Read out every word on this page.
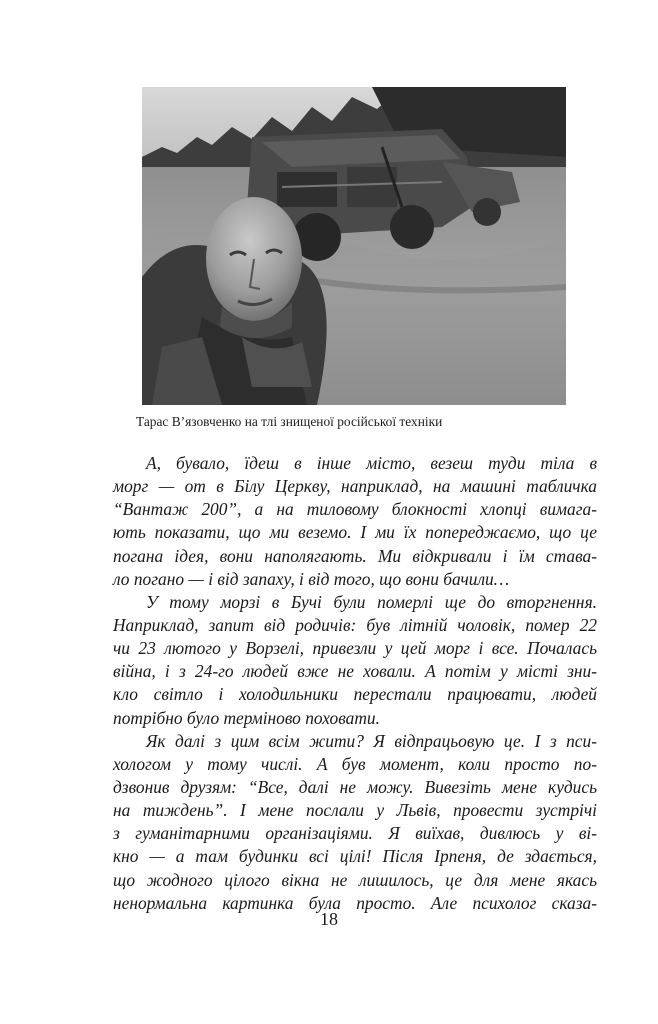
Тарас В’язовченко на тлі знищеної російської техніки
А, бувало, їдеш в інше місто, везеш туди тіла в
морг — от в Білу Церкву, наприклад, на машині табличка
“Вантаж 200”, а на тиловому блокності хлопці вимага-
ють показати, що ми веземо. І ми їх попереджаємо, що це
погана ідея, вони наполягають. Ми відкривали і їм става-
ло погано — і від запаху, і від того, що вони бачили…
У тому морзі в Бучі були померлі ще до вторгнення.
Наприклад, запит від родичів: був літній чоловік, помер 22
чи 23 лютого у Ворзелі, привезли у цей морг і все. Почалась
війна, і з 24-го людей вже не ховали. А потім у місті зни-
кло світло і холодильники перестали працювати, людей
потрібно було терміново поховати.
Як далі з цим всім жити? Я відпрацьовую це. І з пси-
хологом у тому числі. А був момент, коли просто по-
дзвонив друзям: “Все, далі не можу. Вивезіть мене кудись
на тиждень”. І мене послали у Львів, провести зустрічі
з гуманітарними організаціями. Я виїхав, дивлюсь у ві-
кно — а там будинки всі цілі! Після Ірпеня, де здається,
що жодного цілого вікна не лишилось, це для мене якась
ненормальна картинка була просто. Але психолог сказа-
18
